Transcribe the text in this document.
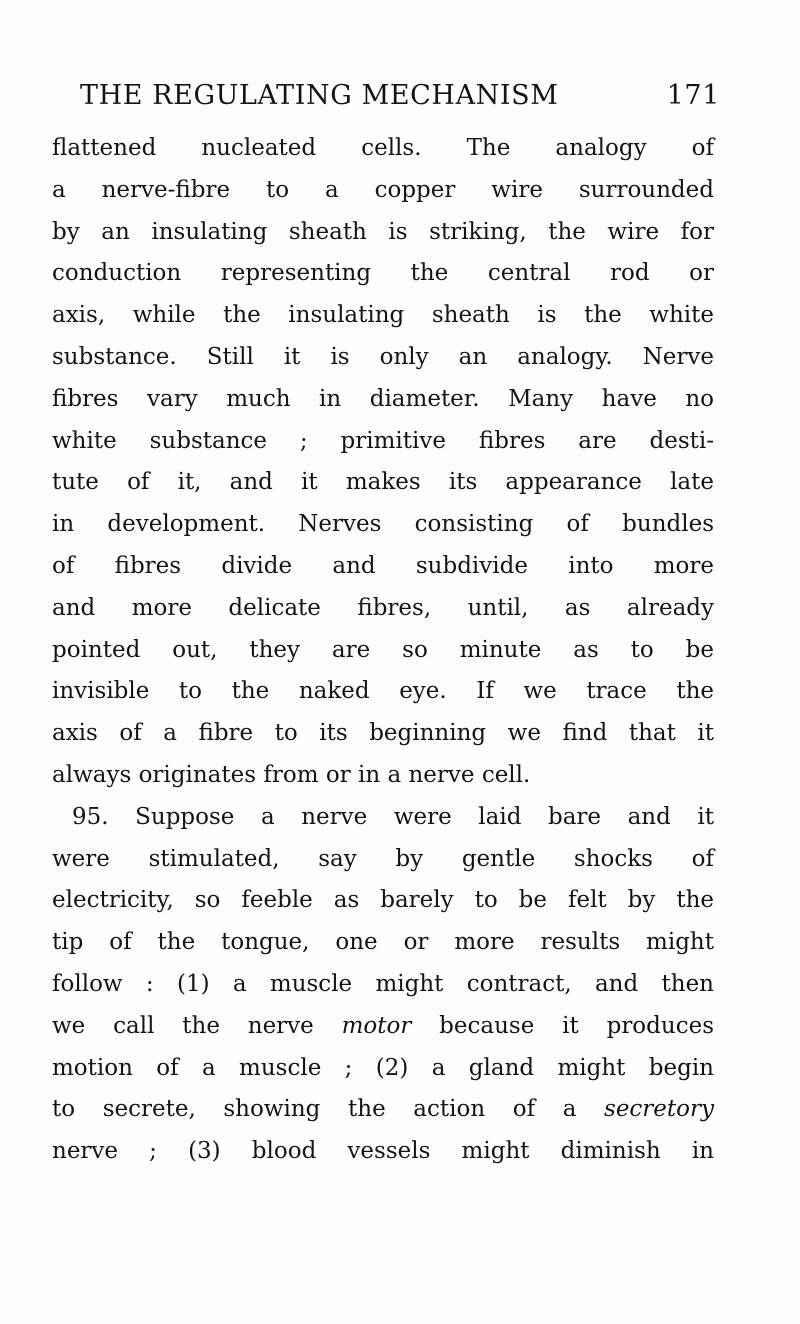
THE REGULATING MECHANISM	171
flattened nucleated cells. The analogy of
a nerve-fibre to a copper wire surrounded
by an insulating sheath is striking, the wire for
conduction representing the central rod or
axis, while the insulating sheath is the white
substance. Still it is only an analogy. Nerve
fibres vary much in diameter. Many have no
white substance ; primitive fibres are desti-
tute of it, and it makes its appearance late
in development. Nerves consisting of bundles
of fibres divide and subdivide into more
and more delicate fibres, until, as already
pointed out, they are so minute as to be
invisible to the naked eye. If we trace the
axis of a fibre to its beginning we find that it
always originates from or in a nerve cell.
95. Suppose a nerve were laid bare and it
were stimulated, say by gentle shocks of
electricity, so feeble as barely to be felt by the
tip of the tongue, one or more results might
follow : (1) a muscle might contract, and then
we call the nerve motor because it produces
motion of a muscle ; (2) a gland might begin
to secrete, showing the action of a secretory
nerve ; (3) blood vessels might diminish in
